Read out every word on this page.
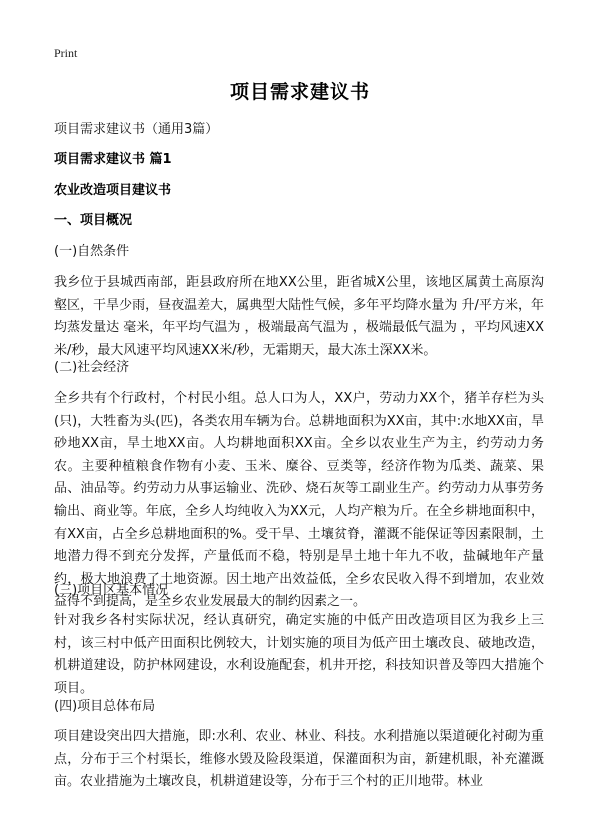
Print
项目需求建议书
项目需求建议书（通用3篇）
项目需求建议书 篇1
农业改造项目建议书
一、项目概况
(一)自然条件
我乡位于县城西南部，距县政府所在地XX公里，距省城X公里，该地区属黄土高原沟壑区，干旱少雨，昼夜温差大，属典型大陆性气候，多年平均降水量为 升/平方米，年均蒸发量达 毫米，年平均气温为 ，极端最高气温为 ，极端最低气温为 ，平均风速XX米/秒，最大风速平均风速XX米/秒，无霜期天，最大冻土深XX米。
(二)社会经济
全乡共有个行政村，个村民小组。总人口为人，XX户，劳动力XX个，猪羊存栏为头(只)，大牲畜为头(匹)，各类农用车辆为台。总耕地面积为XX亩，其中:水地XX亩，旱砂地XX亩，旱土地XX亩。人均耕地面积XX亩。全乡以农业生产为主，约劳动力务农。主要种植粮食作物有小麦、玉米、糜谷、豆类等，经济作物为瓜类、蔬菜、果品、油品等。约劳动力从事运输业、洗砂、烧石灰等工副业生产。约劳动力从事劳务输出、商业等。年底，全乡人均纯收入为XX元，人均产粮为斤。在全乡耕地面积中，有XX亩，占全乡总耕地面积的%。受干旱、土壤贫脊，灌溉不能保证等因素限制，土地潜力得不到充分发挥，产量低而不稳，特别是旱土地十年九不收，盐碱地年产量约，极大地浪费了土地资源。因土地产出效益低，全乡农民收入得不到增加，农业效益得不到提高，是全乡农业发展最大的制约因素之一。
(三)项目区基本情况
针对我乡各村实际状况，经认真研究，确定实施的中低产田改造项目区为我乡上三村，该三村中低产田面积比例较大，计划实施的项目为低产田土壤改良、破地改造，机耕道建设，防护林网建设，水利设施配套，机井开挖，科技知识普及等四大措施个项目。
(四)项目总体布局
项目建设突出四大措施，即:水利、农业、林业、科技。水利措施以渠道硬化衬砌为重点，分布于三个村渠长，维修水毁及险段渠道，保灌面积为亩，新建机眼，补充灌溉亩。农业措施为土壤改良，机耕道建设等，分布于三个村的正川地带。林业
